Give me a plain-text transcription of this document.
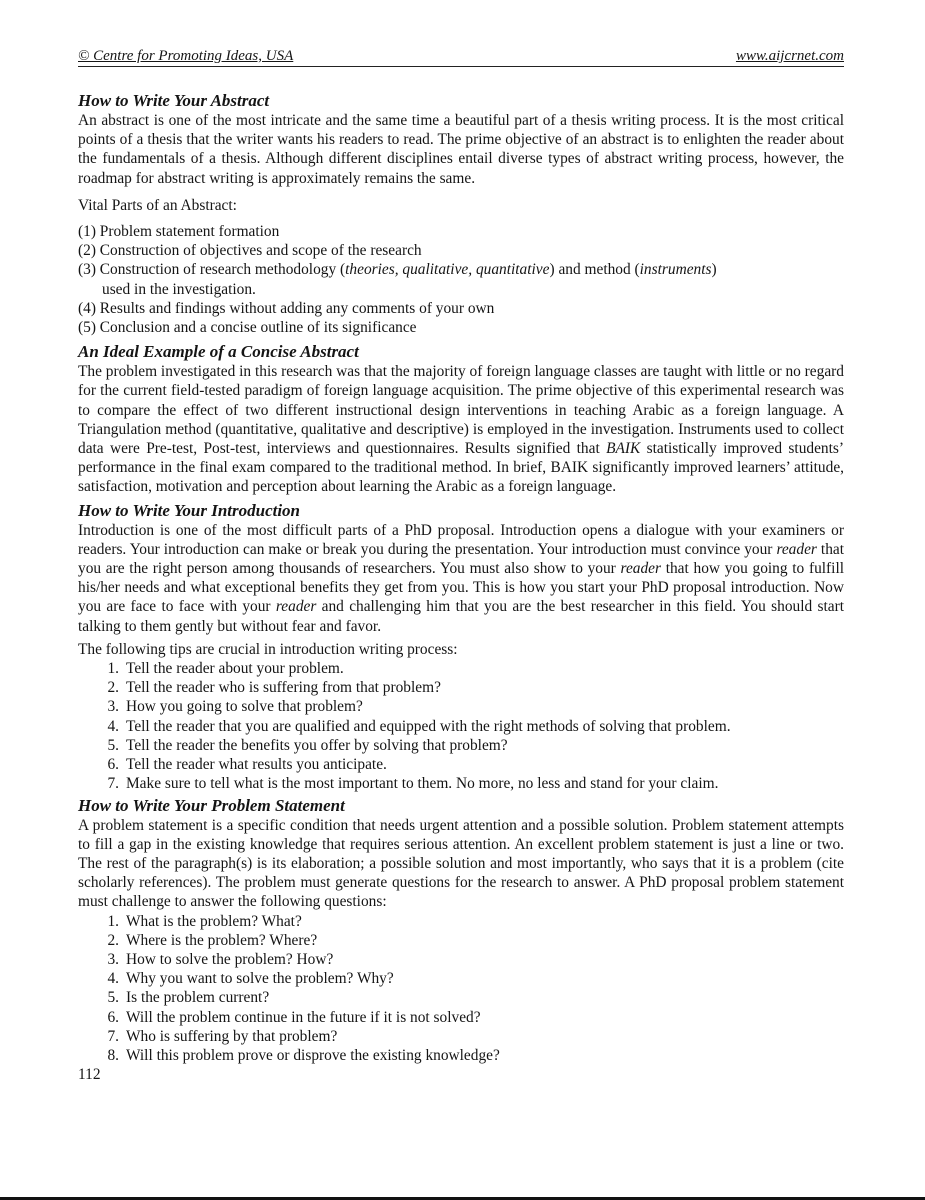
© Centre for Promoting Ideas, USA	www.aijcrnet.com
How to Write Your Abstract

An abstract is one of the most intricate and the same time a beautiful part of a thesis writing process. It is the most critical points of a thesis that the writer wants his readers to read. The prime objective of an abstract is to enlighten the reader about the fundamentals of a thesis. Although different disciplines entail diverse types of abstract writing process, however, the roadmap for abstract writing is approximately remains the same.

Vital Parts of an Abstract:

(1) Problem statement formation
(2) Construction of objectives and scope of the research
(3) Construction of research methodology (theories, qualitative, quantitative) and method (instruments)
used in the investigation.
(4) Results and findings without adding any comments of your own
(5) Conclusion and a concise outline of its significance
An Ideal Example of a Concise Abstract

The problem investigated in this research was that the majority of foreign language classes are taught with little or no regard for the current field-tested paradigm of foreign language acquisition. The prime objective of this experimental research was to compare the effect of two different instructional design interventions in teaching Arabic as a foreign language. A Triangulation method (quantitative, qualitative and descriptive) is employed in the investigation. Instruments used to collect data were Pre-test, Post-test, interviews and questionnaires. Results signified that BAIK statistically improved students’ performance in the final exam compared to the traditional method. In brief, BAIK significantly improved learners’ attitude, satisfaction, motivation and perception about learning the Arabic as a foreign language.

How to Write Your Introduction

Introduction is one of the most difficult parts of a PhD proposal. Introduction opens a dialogue with your examiners or readers. Your introduction can make or break you during the presentation. Your introduction must convince your reader that you are the right person among thousands of researchers. You must also show to your reader that how you going to fulfill his/her needs and what exceptional benefits they get from you. This is how you start your PhD proposal introduction. Now you are face to face with your reader and challenging him that you are the best researcher in this field. You should start talking to them gently but without fear and favor.

The following tips are crucial in introduction writing process:

1. Tell the reader about your problem.
2. Tell the reader who is suffering from that problem?
3. How you going to solve that problem?
4. Tell the reader that you are qualified and equipped with the right methods of solving that problem.
5. Tell the reader the benefits you offer by solving that problem?
6. Tell the reader what results you anticipate.
7. Make sure to tell what is the most important to them. No more, no less and stand for your claim.
How to Write Your Problem Statement

A problem statement is a specific condition that needs urgent attention and a possible solution. Problem statement attempts to fill a gap in the existing knowledge that requires serious attention. An excellent problem statement is just a line or two. The rest of the paragraph(s) is its elaboration; a possible solution and most importantly, who says that it is a problem (cite scholarly references). The problem must generate questions for the research to answer. A PhD proposal problem statement must challenge to answer the following questions:

1. What is the problem? What?
2. Where is the problem? Where?
3. How to solve the problem? How?
4. Why you want to solve the problem? Why?
5. Is the problem current?
6. Will the problem continue in the future if it is not solved?
7. Who is suffering by that problem?
8. Will this problem prove or disprove the existing knowledge?
112
